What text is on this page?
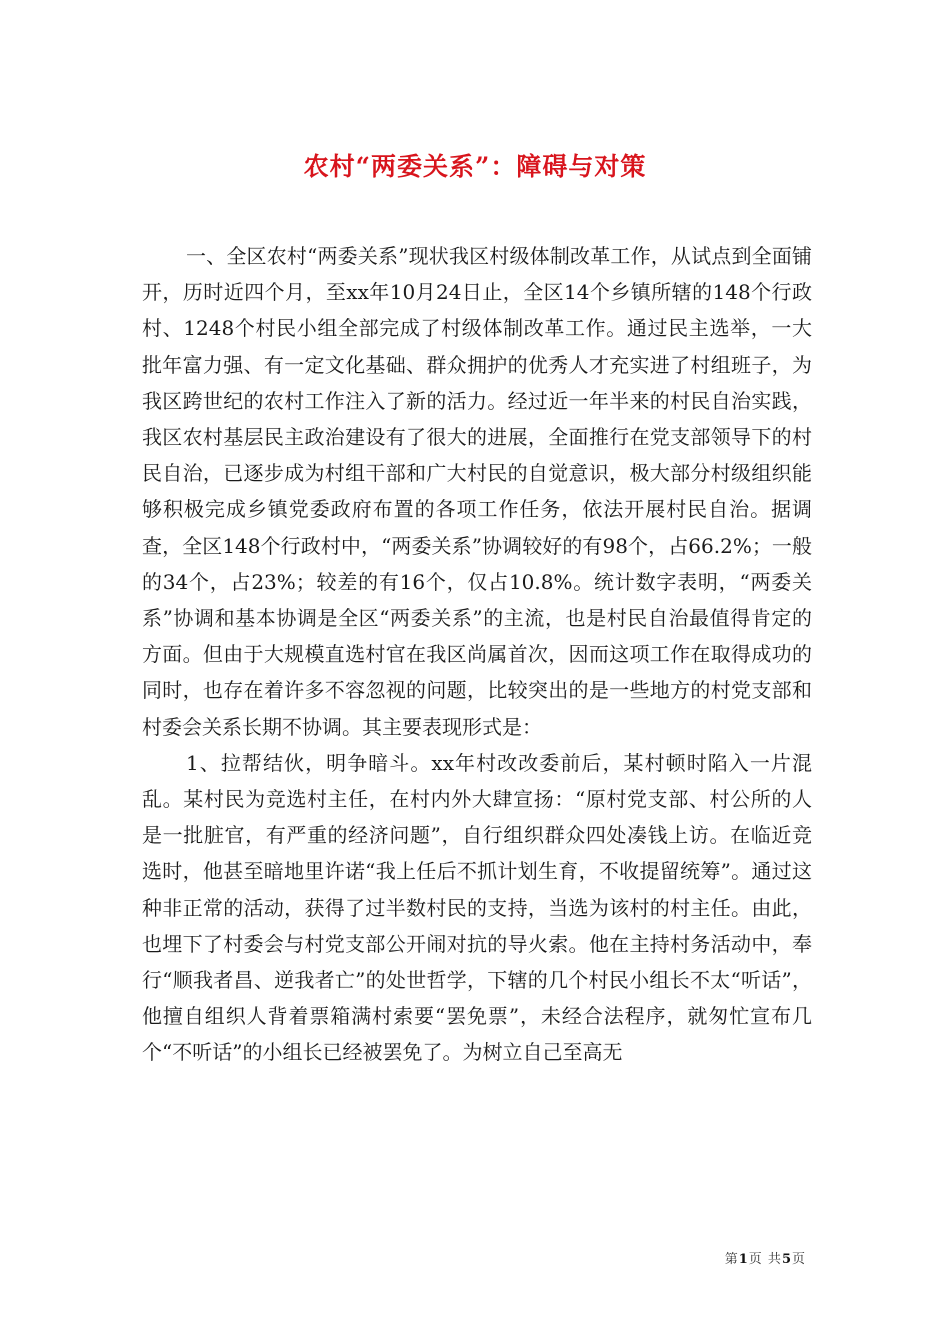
农村“两委关系”：障碍与对策

一、全区农村“两委关系”现状我区村级体制改革工作，从试点到全面铺开，历时近四个月，至xx年10月24日止，全区14个乡镇所辖的148个行政村、1248个村民小组全部完成了村级体制改革工作。通过民主选举，一大批年富力强、有一定文化基础、群众拥护的优秀人才充实进了村组班子，为我区跨世纪的农村工作注入了新的活力。经过近一年半来的村民自治实践，我区农村基层民主政治建设有了很大的进展，全面推行在党支部领导下的村民自治，已逐步成为村组干部和广大村民的自觉意识，极大部分村级组织能够积极完成乡镇党委政府布置的各项工作任务，依法开展村民自治。据调查，全区148个行政村中，“两委关系”协调较好的有98个，占66.2%；一般的34个，占23%；较差的有16个，仅占10.8%。统计数字表明，“两委关系”协调和基本协调是全区“两委关系”的主流，也是村民自治最值得肯定的方面。但由于大规模直选村官在我区尚属首次，因而这项工作在取得成功的同时，也存在着许多不容忽视的问题，比较突出的是一些地方的村党支部和村委会关系长期不协调。其主要表现形式是：

1、拉帮结伙，明争暗斗。xx年村改改委前后，某村顿时陷入一片混乱。某村民为竞选村主任，在村内外大肆宣扬：“原村党支部、村公所的人是一批脏官，有严重的经济问题”，自行组织群众四处凑钱上访。在临近竞选时，他甚至暗地里许诺“我上任后不抓计划生育，不收提留统筹”。通过这种非正常的活动，获得了过半数村民的支持，当选为该村的村主任。由此，也埋下了村委会与村党支部公开闹对抗的导火索。他在主持村务活动中，奉行“顺我者昌、逆我者亡”的处世哲学，下辖的几个村民小组长不太“听话”，他擅自组织人背着票箱满村索要“罢免票”，未经合法程序，就匆忙宣布几个“不听话”的小组长已经被罢免了。为树立自己至高无

第1页 共5页
